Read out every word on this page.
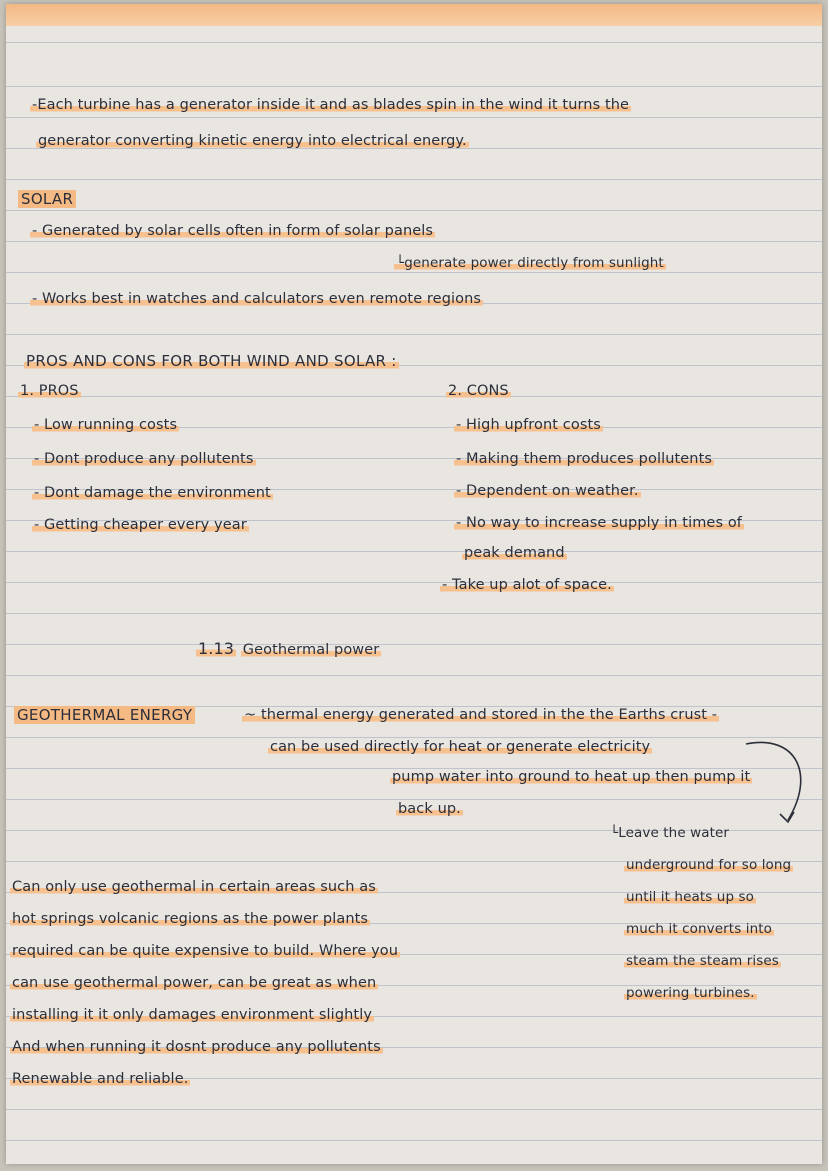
-Each turbine has a generator inside it and as blades spin in the wind it turns the
generator converting kinetic energy into electrical energy.
SOLAR
- Generated by solar cells often in form of solar panels
└generate power directly from sunlight
- Works best in watches and calculators even remote regions
PROS AND CONS FOR BOTH WIND AND SOLAR :
1. PROS
- Low running costs
- Dont produce any pollutents
- Dont damage the environment
- Getting cheaper every year
2. CONS
- High upfront costs
- Making them produces pollutents
- Dependent on weather.
- No way to increase supply in times of
peak demand
- Take up alot of space.
1.13 Geothermal power
GEOTHERMAL ENERGY	~ thermal energy generated and stored in the the Earths crust -
can be used directly for heat or generate electricity
pump water into ground to heat up then pump it
back up.
└Leave the water
underground for so long
until it heats up so
much it converts into
steam the steam rises
powering turbines.
Can only use geothermal in certain areas such as
hot springs volcanic regions as the power plants
required can be quite expensive to build. Where you
can use geothermal power, can be great as when
installing it it only damages environment slightly
And when running it dosnt produce any pollutents
Renewable and reliable.
